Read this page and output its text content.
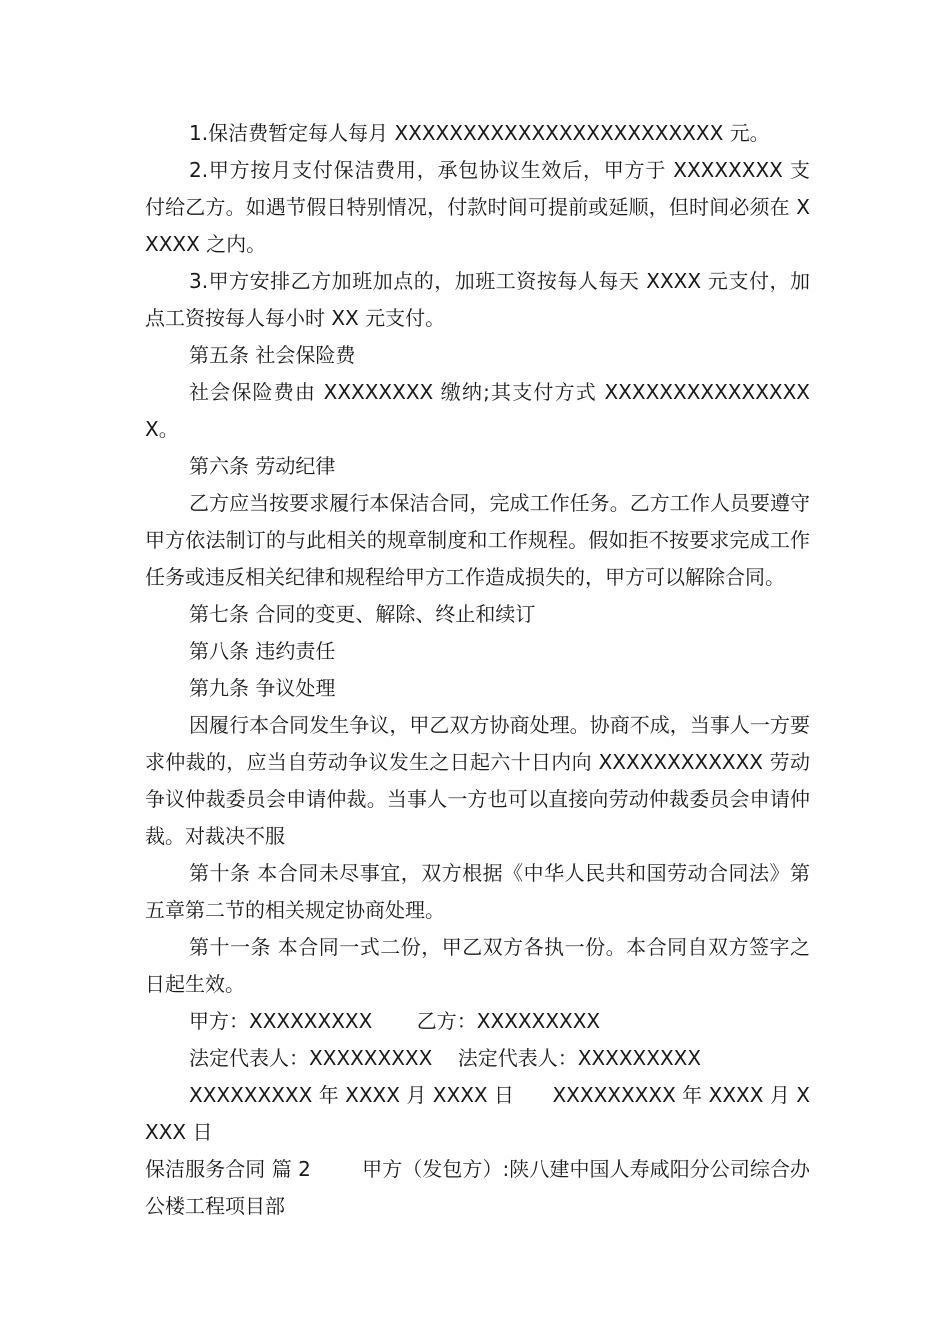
1.保洁费暂定每人每月 XXXXXXXXXXXXXXXXXXXXXXXX 元。

2.甲方按月支付保洁费用，承包协议生效后，甲方于 XXXXXXXX 支付给乙方。如遇节假日特别情况，付款时间可提前或延顺，但时间必须在 XXXXX 之内。

3.甲方安排乙方加班加点的，加班工资按每人每天 XXXX 元支付，加点工资按每人每小时 XX 元支付。

第五条 社会保险费

社会保险费由 XXXXXXXX 缴纳;其支付方式 XXXXXXXXXXXXXXXX。

第六条 劳动纪律

乙方应当按要求履行本保洁合同，完成工作任务。乙方工作人员要遵守甲方依法制订的与此相关的规章制度和工作规程。假如拒不按要求完成工作任务或违反相关纪律和规程给甲方工作造成损失的，甲方可以解除合同。

第七条 合同的变更、解除、终止和续订

第八条 违约责任

第九条 争议处理

因履行本合同发生争议，甲乙双方协商处理。协商不成，当事人一方要求仲裁的，应当自劳动争议发生之日起六十日内向 XXXXXXXXXXXX 劳动争议仲裁委员会申请仲裁。当事人一方也可以直接向劳动仲裁委员会申请仲裁。对裁决不服

第十条 本合同未尽事宜，双方根据《中华人民共和国劳动合同法》第五章第二节的相关规定协商处理。

第十一条 本合同一式二份，甲乙双方各执一份。本合同自双方签字之日起生效。

甲方：XXXXXXXXX       乙方：XXXXXXXXX

法定代表人：XXXXXXXXX    法定代表人：XXXXXXXXX

XXXXXXXXX 年 XXXX 月 XXXX 日      XXXXXXXXX 年 XXXX 月 XXXX 日

保洁服务合同 篇 2        甲方（发包方）:陕八建中国人寿咸阳分公司综合办公楼工程项目部
